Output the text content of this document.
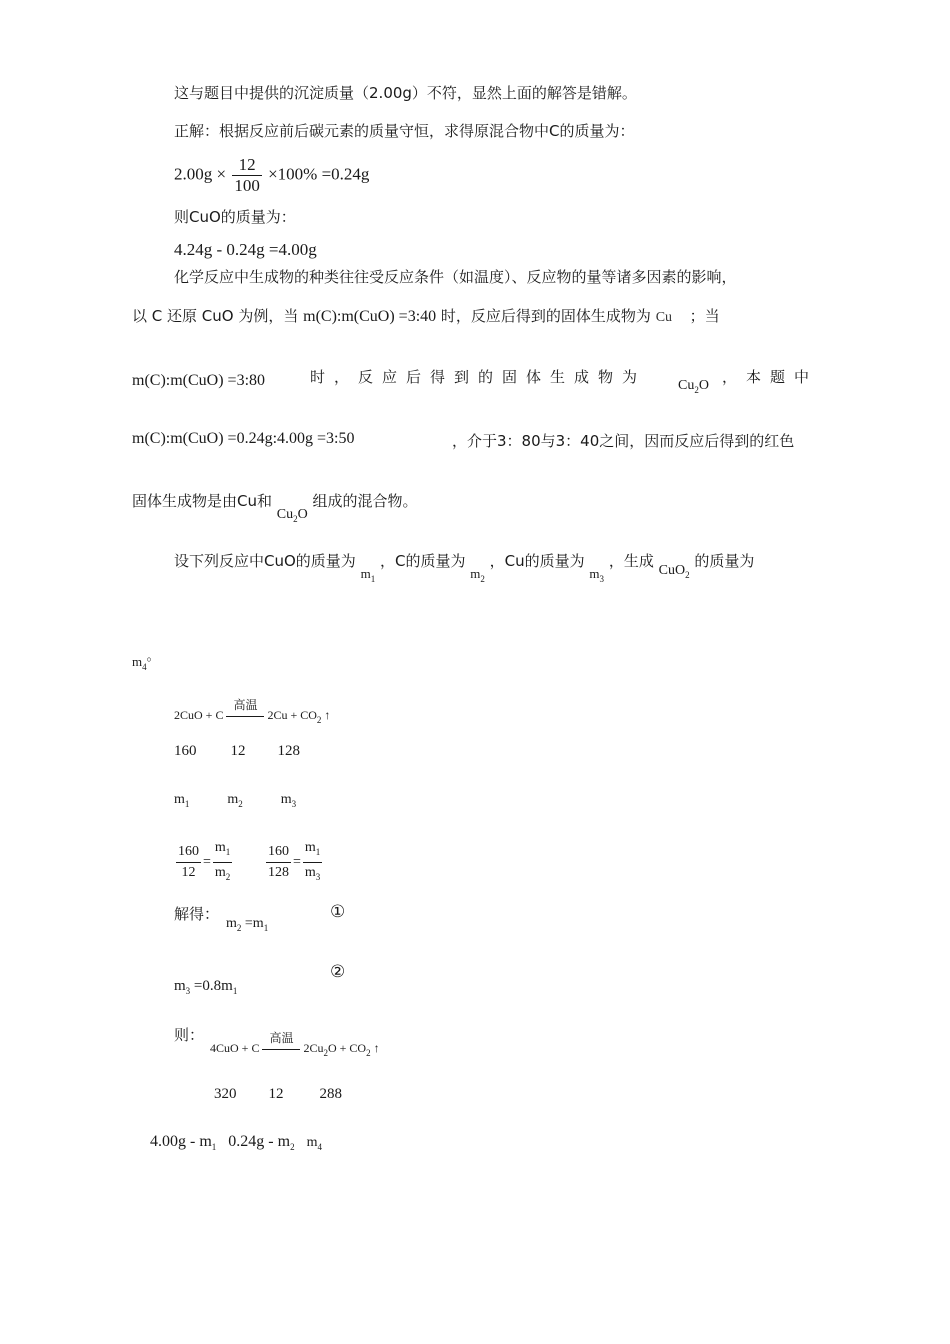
这与题目中提供的沉淀质量（2.00g）不符，显然上面的解答是错解。
正解：根据反应前后碳元素的质量守恒，求得原混合物中C的质量为：
$2.00g \times \frac{12}{100} \times 100\% =0.24g$
则CuO的质量为：
4.24g - 0.24g =4.00g
化学反应中生成物的种类往往受反应条件（如温度）、反应物的量等诸多因素的影响，
以 C 还原 CuO 为例，当 m(C):m(CuO) =3:40 时，反应后得到的固体生成物为 Cu ；当
m(C):m(CuO) =3:80	时，反应后得到的固体生成物为 $Cu_2O$ ，本题中
m(C):m(CuO) =0.24g:4.00g =3:50	，介于3：80与3：40之间，因而反应后得到的红色
固体生成物是由Cu和 $Cu_2O$ 组成的混合物。
设下列反应中CuO的质量为 $m_1$ ，C的质量为 $m_2$ ，Cu的质量为 $m_3$ ，生成 CuO$_2$ 的质量为
$m_4$。
2CuO + C
高温
$2Cu + CO_2$ ↑
160 12 128
$m_1$	$m_2$	$m_3$
$\frac{160}{12} = \frac{m_1}{m_2} \frac{160}{128} = \frac{m_1}{m_3}$
解得：
$m_2 =m_1$
①
$m_3 =0.8m_1$
②
则：
4CuO + C
高温
$2Cu_2O + CO_2$ ↑
320 12 288
$4.00g - m_1$ $0.24g - m_2$ $m_4$
